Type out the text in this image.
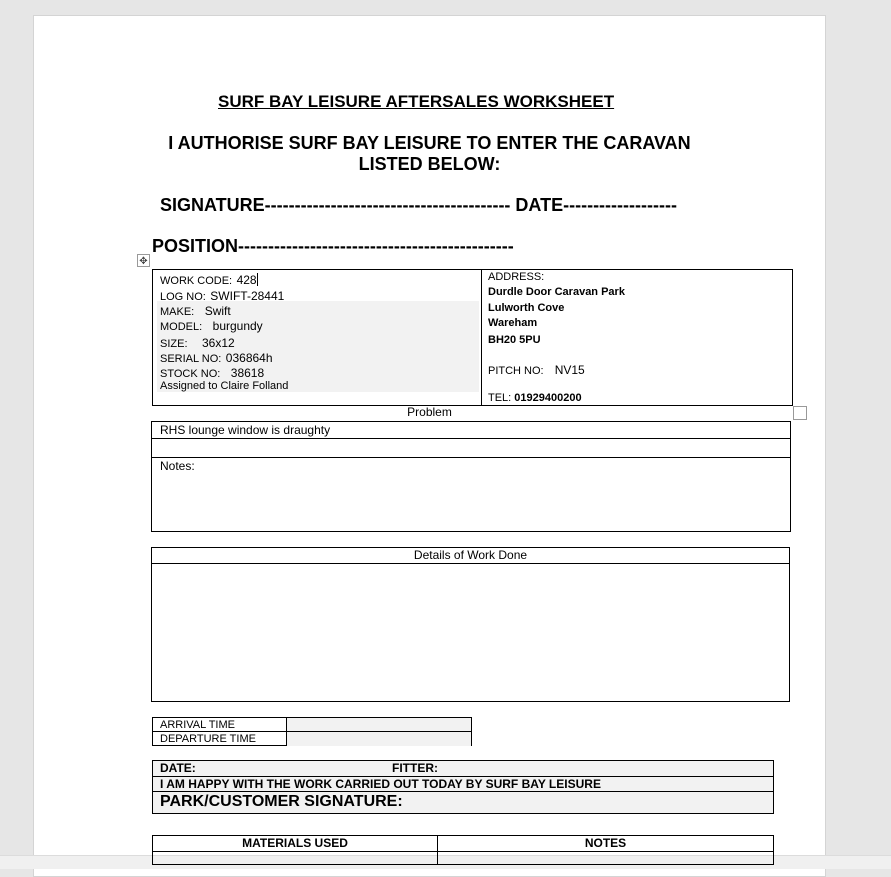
SURF BAY LEISURE AFTERSALES WORKSHEET
I AUTHORISE SURF BAY LEISURE TO ENTER THE CARAVAN
LISTED BELOW:
SIGNATURE----------------------------------------- DATE-------------------
POSITION----------------------------------------------
✥
WORK CODE: 428
LOG NO: SWIFT-28441
MAKE: Swift
MODEL: burgundy
SIZE: 36x12
SERIAL NO: 036864h
STOCK NO: 38618
Assigned to Claire Folland
ADDRESS:
Durdle Door Caravan Park
Lulworth Cove
Wareham
BH20 5PU
PITCH NO: NV15
TEL: 01929400200
Problem
RHS lounge window is draughty
Notes:
Details of Work Done
ARRIVAL TIME
DEPARTURE TIME
DATE:	FITTER:
I AM HAPPY WITH THE WORK CARRIED OUT TODAY BY SURF BAY LEISURE
PARK/CUSTOMER SIGNATURE:
MATERIALS USED	NOTES
